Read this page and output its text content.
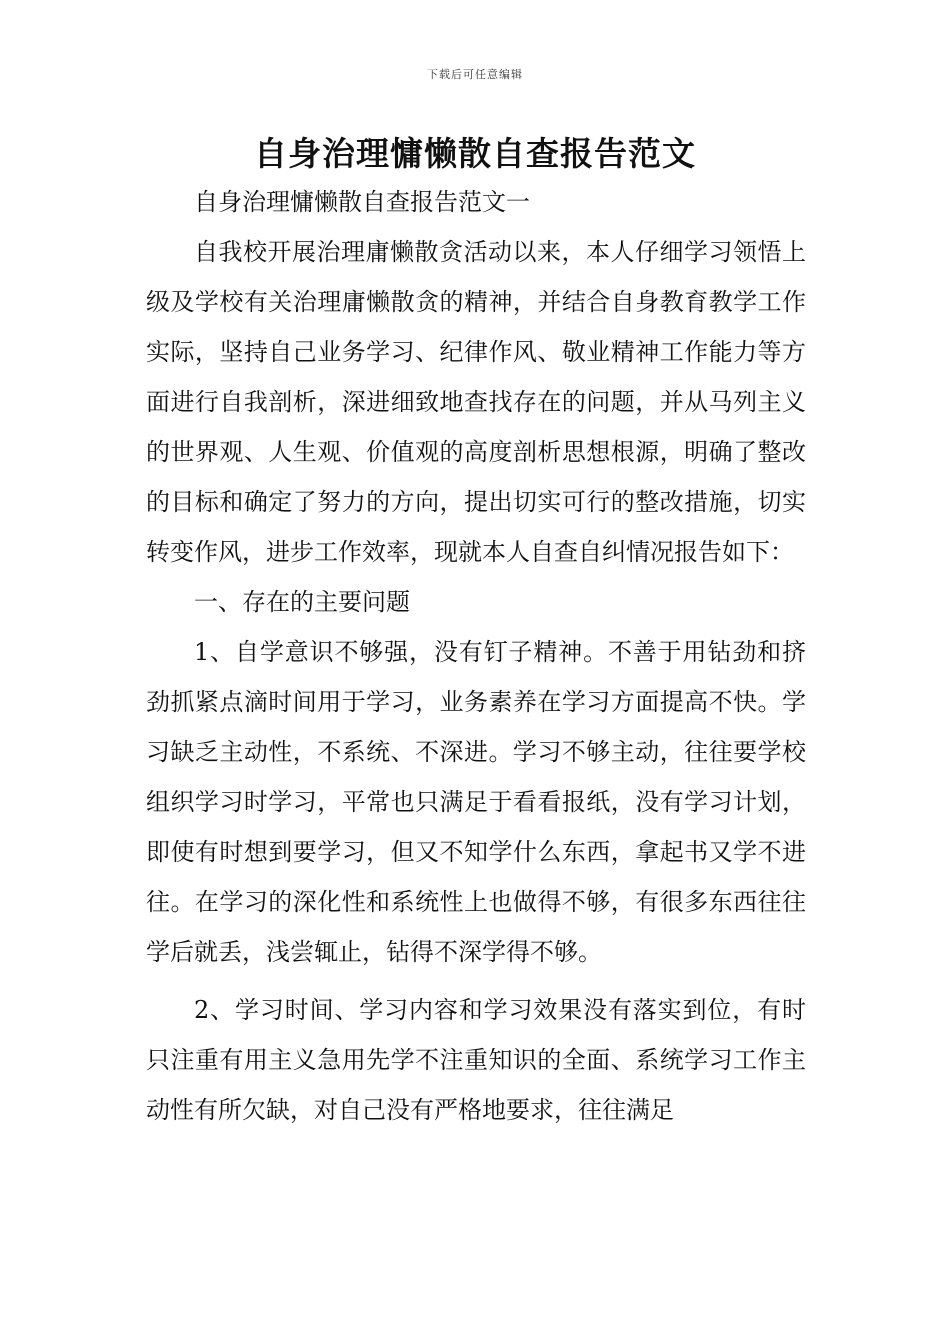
下载后可任意编辑
自身治理慵懒散自查报告范文

自身治理慵懒散自查报告范文一

自我校开展治理庸懒散贪活动以来，本人仔细学习领悟上级及学校有关治理庸懒散贪的精神，并结合自身教育教学工作实际，坚持自己业务学习、纪律作风、敬业精神工作能力等方面进行自我剖析，深进细致地查找存在的问题，并从马列主义的世界观、人生观、价值观的高度剖析思想根源，明确了整改的目标和确定了努力的方向，提出切实可行的整改措施，切实转变作风，进步工作效率，现就本人自查自纠情况报告如下：

一、存在的主要问题

1、自学意识不够强，没有钉子精神。不善于用钻劲和挤劲抓紧点滴时间用于学习，业务素养在学习方面提高不快。学习缺乏主动性，不系统、不深进。学习不够主动，往往要学校组织学习时学习，平常也只满足于看看报纸，没有学习计划，即使有时想到要学习，但又不知学什么东西，拿起书又学不进往。在学习的深化性和系统性上也做得不够，有很多东西往往学后就丢，浅尝辄止，钻得不深学得不够。

2、学习时间、学习内容和学习效果没有落实到位，有时只注重有用主义急用先学不注重知识的全面、系统学习工作主动性有所欠缺，对自己没有严格地要求，往往满足
